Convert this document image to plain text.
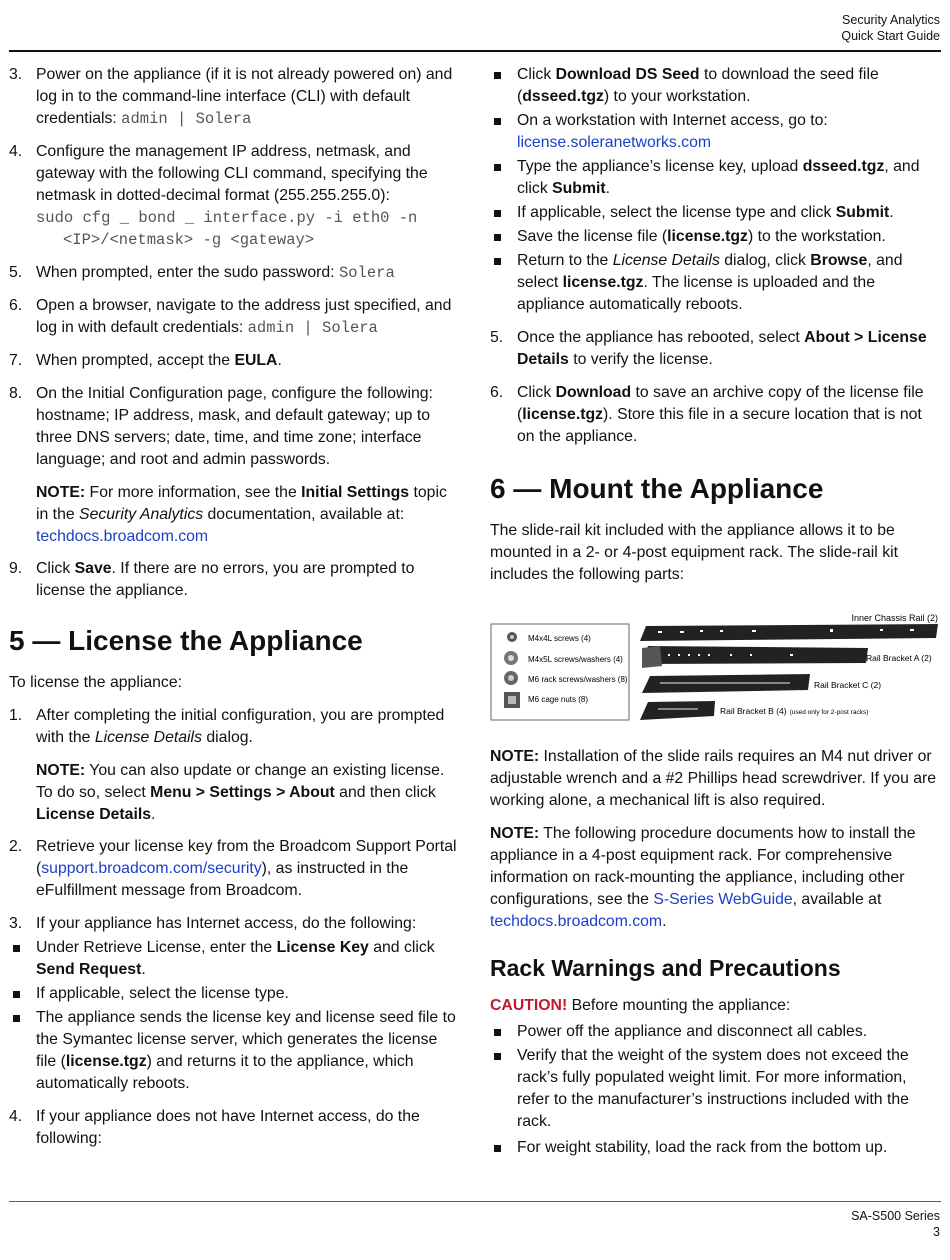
Security Analytics
Quick Start Guide
3. Power on the appliance (if it is not already powered on) and log in to the command-line interface (CLI) with default credentials: admin | Solera
4. Configure the management IP address, netmask, and gateway with the following CLI command, specifying the netmask in dotted-decimal format (255.255.255.0):
sudo cfg _ bond _ interface.py -i eth0 -n
<IP>/<netmask> -g <gateway>
5. When prompted, enter the sudo password: Solera
6. Open a browser, navigate to the address just specified, and log in with default credentials: admin | Solera
7. When prompted, accept the EULA.
8. On the Initial Configuration page, configure the following: hostname; IP address, mask, and default gateway; up to three DNS servers; date, time, and time zone; interface language; and root and admin passwords.
NOTE: For more information, see the Initial Settings topic in the Security Analytics documentation, available at: techdocs.broadcom.com
9. Click Save. If there are no errors, you are prompted to license the appliance.
5 — License the Appliance
To license the appliance:
1. After completing the initial configuration, you are prompted with the License Details dialog.
NOTE: You can also update or change an existing license. To do so, select Menu > Settings > About and then click License Details.
2. Retrieve your license key from the Broadcom Support Portal (support.broadcom.com/security), as instructed in the eFulfillment message from Broadcom.
3. If your appliance has Internet access, do the following:
Under Retrieve License, enter the License Key and click Send Request.
If applicable, select the license type.
The appliance sends the license key and license seed file to the Symantec license server, which generates the license file (license.tgz) and returns it to the appliance, which automatically reboots.
4. If your appliance does not have Internet access, do the following:
Click Download DS Seed to download the seed file (dsseed.tgz) to your workstation.
On a workstation with Internet access, go to: license.soleranetworks.com
Type the appliance’s license key, upload dsseed.tgz, and click Submit.
If applicable, select the license type and click Submit.
Save the license file (license.tgz) to the workstation.
Return to the License Details dialog, click Browse, and select license.tgz. The license is uploaded and the appliance automatically reboots.
5. Once the appliance has rebooted, select About > License Details to verify the license.
6. Click Download to save an archive copy of the license file (license.tgz). Store this file in a secure location that is not on the appliance.
6 — Mount the Appliance
The slide-rail kit included with the appliance allows it to be mounted in a 2- or 4-post equipment rack. The slide-rail kit includes the following parts:
M4x4L screws (4)
M4x5L screws/washers (4)
M6 rack screws/washers (8)
M6 cage nuts (8)
Inner Chassis Rail (2)
Rail Bracket A (2)
Rail Bracket C (2)
Rail Bracket B (4) (used only for 2-post racks)
NOTE: Installation of the slide rails requires an M4 nut driver or adjustable wrench and a #2 Phillips head screwdriver. If you are working alone, a mechanical lift is also required.
NOTE: The following procedure documents how to install the appliance in a 4-post equipment rack. For comprehensive information on rack-mounting the appliance, including other configurations, see the S-Series WebGuide, available at techdocs.broadcom.com.
Rack Warnings and Precautions
CAUTION! Before mounting the appliance:
Power off the appliance and disconnect all cables.
Verify that the weight of the system does not exceed the rack’s fully populated weight limit. For more information, refer to the manufacturer’s instructions included with the rack.
For weight stability, load the rack from the bottom up.
SA-S500 Series
3
